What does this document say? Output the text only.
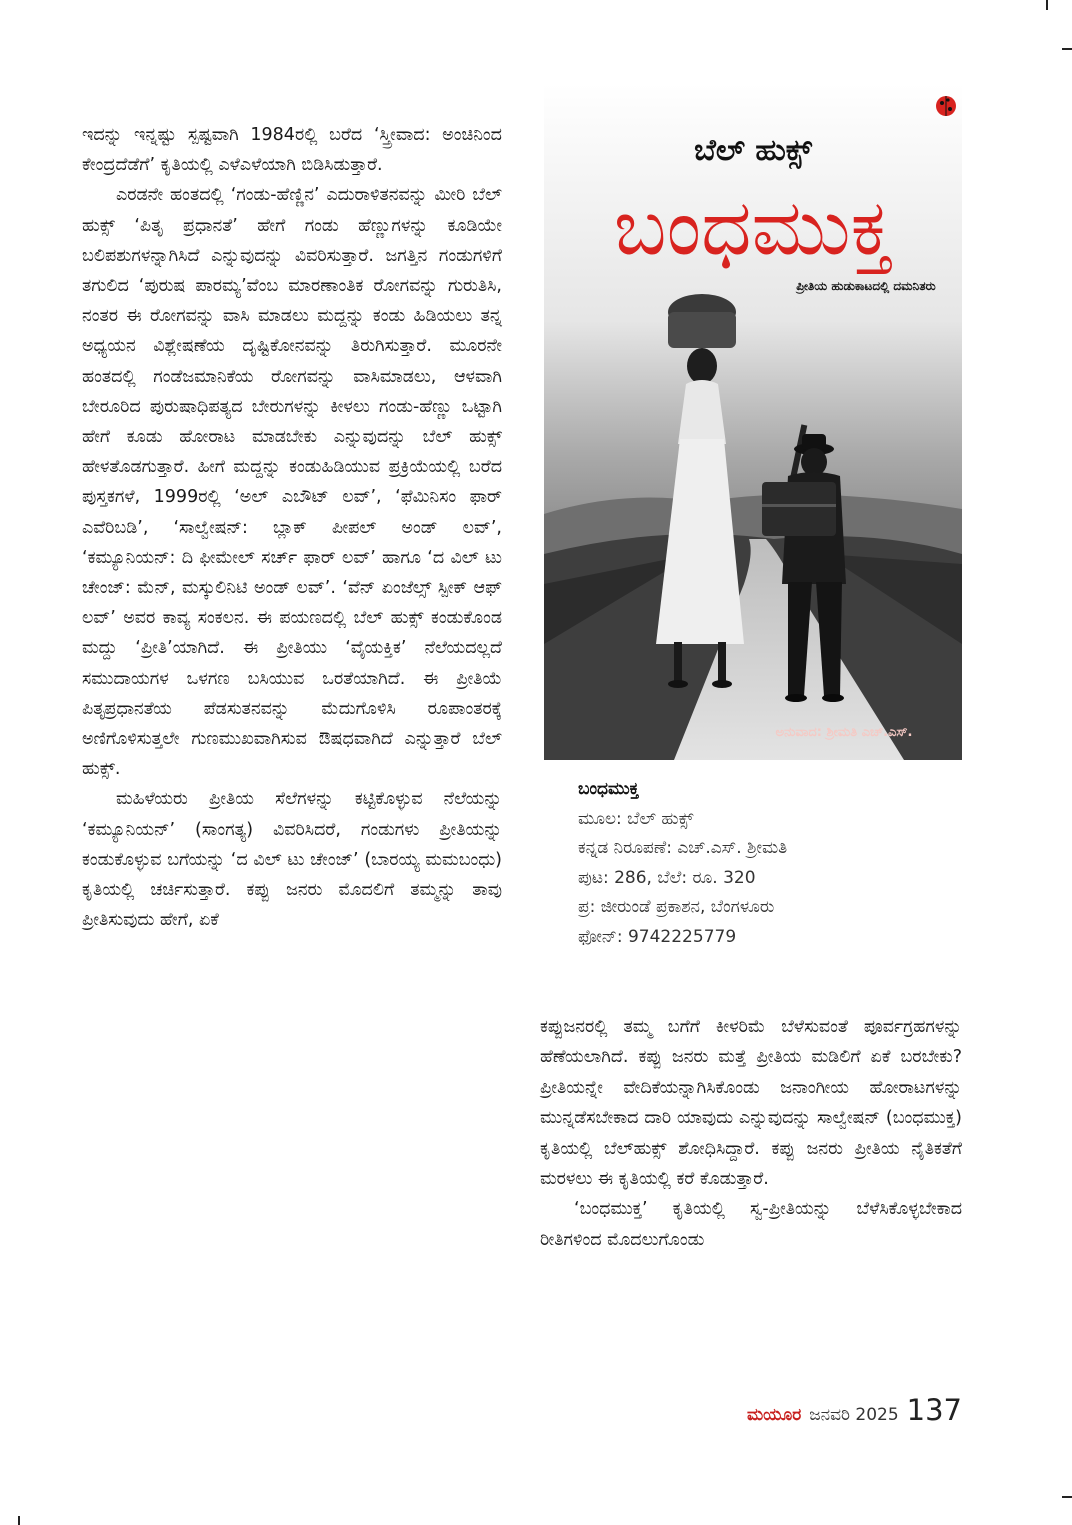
ಇದನ್ನು ಇನ್ನಷ್ಟು ಸ್ಪಷ್ಟವಾಗಿ 1984ರಲ್ಲಿ ಬರೆದ ‘ಸ್ತ್ರೀವಾದ: ಅಂಚಿನಿಂದ ಕೇಂದ್ರದೆಡೆಗೆ’ ಕೃತಿಯಲ್ಲಿ ಎಳೆಎಳೆಯಾಗಿ ಬಿಡಿಸಿಡುತ್ತಾರೆ.

ಎರಡನೇ ಹಂತದಲ್ಲಿ ‘ಗಂಡು-ಹೆಣ್ಣಿನ’ ಎದುರಾಳಿತನವನ್ನು ಮೀರಿ ಬೆಲ್ ಹುಕ್ಸ್ ‘ಪಿತೃ ಪ್ರಧಾನತೆ’ ಹೇಗೆ ಗಂಡು ಹೆಣ್ಣುಗಳನ್ನು ಕೂಡಿಯೇ ಬಲಿಪಶುಗಳನ್ನಾಗಿಸಿದೆ ಎನ್ನುವುದನ್ನು ವಿವರಿಸುತ್ತಾರೆ. ಜಗತ್ತಿನ ಗಂಡುಗಳಿಗೆ ತಗುಲಿದ ‘ಪುರುಷ ಪಾರಮ್ಯ’ವೆಂಬ ಮಾರಣಾಂತಿಕ ರೋಗವನ್ನು ಗುರುತಿಸಿ, ನಂತರ ಈ ರೋಗವನ್ನು ವಾಸಿ ಮಾಡಲು ಮದ್ದನ್ನು ಕಂಡು ಹಿಡಿಯಲು ತನ್ನ ಅಧ್ಯಯನ ವಿಶ್ಲೇಷಣೆಯ ದೃಷ್ಟಿಕೋನವನ್ನು ತಿರುಗಿಸುತ್ತಾರೆ. ಮೂರನೇ ಹಂತದಲ್ಲಿ ಗಂಡೆಜಮಾನಿಕೆಯ ರೋಗವನ್ನು ವಾಸಿಮಾಡಲು, ಆಳವಾಗಿ ಬೇರೂರಿದ ಪುರುಷಾಧಿಪತ್ಯದ ಬೇರುಗಳನ್ನು ಕೀಳಲು ಗಂಡು-ಹೆಣ್ಣು ಒಟ್ಟಾಗಿ ಹೇಗೆ ಕೂಡು ಹೋರಾಟ ಮಾಡಬೇಕು ಎನ್ನುವುದನ್ನು ಬೆಲ್ ಹುಕ್ಸ್ ಹೇಳತೊಡಗುತ್ತಾರೆ. ಹೀಗೆ ಮದ್ದನ್ನು ಕಂಡುಹಿಡಿಯುವ ಪ್ರಕ್ರಿಯೆಯಲ್ಲಿ ಬರೆದ ಪುಸ್ತಕಗಳೆ, 1999ರಲ್ಲಿ ‘ಅಲ್ ಎಬೌಟ್ ಲವ್’, ‘ಫೆಮಿನಿಸಂ ಫಾರ್ ಎವೆರಿಬಡಿ’, ‘ಸಾಲ್ವೇಷನ್: ಬ್ಲಾಕ್ ಪೀಪಲ್ ಅಂಡ್ ಲವ್’, ‘ಕಮ್ಯೂನಿಯನ್: ದಿ ಫೀಮೇಲ್ ಸರ್ಚ್ ಫಾರ್ ಲವ್’ ಹಾಗೂ ‘ದ ವಿಲ್ ಟು ಚೇಂಜ್: ಮೆನ್, ಮಸ್ಕುಲಿನಿಟಿ ಅಂಡ್ ಲವ್’. ‘ವೆನ್ ಏಂಜೆಲ್ಸ್ ಸ್ಪೀಕ್ ಆಫ್ ಲವ್’ ಅವರ ಕಾವ್ಯ ಸಂಕಲನ. ಈ ಪಯಣದಲ್ಲಿ ಬೆಲ್ ಹುಕ್ಸ್ ಕಂಡುಕೊಂಡ ಮದ್ದು ‘ಪ್ರೀತಿ’ಯಾಗಿದೆ. ಈ ಪ್ರೀತಿಯು ‘ವೈಯಕ್ತಿಕ’ ನೆಲೆಯದಲ್ಲದೆ ಸಮುದಾಯಗಳ ಒಳಗಣ ಬಸಿಯುವ ಒರತೆಯಾಗಿದೆ. ಈ ಪ್ರೀತಿಯೆ ಪಿತೃಪ್ರಧಾನತೆಯ ಪೆಡಸುತನವನ್ನು ಮೆದುಗೊಳಿಸಿ ರೂಪಾಂತರಕ್ಕೆ ಅಣಿಗೊಳಿಸುತ್ತಲೇ ಗುಣಮುಖವಾಗಿಸುವ ಔಷಧವಾಗಿದೆ ಎನ್ನುತ್ತಾರೆ ಬೆಲ್ ಹುಕ್ಸ್.

ಮಹಿಳೆಯರು ಪ್ರೀತಿಯ ಸೆಲೆಗಳನ್ನು ಕಟ್ಟಿಕೊಳ್ಳುವ ನೆಲೆಯನ್ನು ‘ಕಮ್ಯೂನಿಯನ್’ (ಸಾಂಗತ್ಯ) ವಿವರಿಸಿದರೆ, ಗಂಡುಗಳು ಪ್ರೀತಿಯನ್ನು ಕಂಡುಕೊಳ್ಳುವ ಬಗೆಯನ್ನು ‘ದ ವಿಲ್ ಟು ಚೇಂಜ್’ (ಬಾರಯ್ಯ ಮಮಬಂಧು) ಕೃತಿಯಲ್ಲಿ ಚರ್ಚಿಸುತ್ತಾರೆ. ಕಪ್ಪು ಜನರು ಮೊದಲಿಗೆ ತಮ್ಮನ್ನು ತಾವು ಪ್ರೀತಿಸುವುದು ಹೇಗೆ, ಏಕೆ

ಬೆಲ್ ಹುಕ್ಸ್
ಬಂಧಮುಕ್ತ
ಪ್ರೀತಿಯ ಹುಡುಕಾಟದಲ್ಲಿ ದಮನಿತರು
ಅನುವಾದ: ಶ್ರೀಮತಿ ಎಚ್.ಎಸ್.
ಬಂಧಮುಕ್ತ
ಮೂಲ: ಬೆಲ್ ಹುಕ್ಸ್
ಕನ್ನಡ ನಿರೂಪಣೆ: ಎಚ್.ಎಸ್. ಶ್ರೀಮತಿ
ಪುಟ: 286, ಬೆಲೆ: ರೂ. 320
ಪ್ರ: ಜೀರುಂಡೆ ಪ್ರಕಾಶನ, ಬೆಂಗಳೂರು
ಫೋನ್: 9742225779

ಕಪ್ಪುಜನರಲ್ಲಿ ತಮ್ಮ ಬಗೆಗೆ ಕೀಳರಿಮೆ ಬೆಳೆಸುವಂತೆ ಪೂರ್ವಗ್ರಹಗಳನ್ನು ಹೆಣೆಯಲಾಗಿದೆ. ಕಪ್ಪು ಜನರು ಮತ್ತೆ ಪ್ರೀತಿಯ ಮಡಿಲಿಗೆ ಏಕೆ ಬರಬೇಕು? ಪ್ರೀತಿಯನ್ನೇ ವೇದಿಕೆಯನ್ನಾಗಿಸಿಕೊಂಡು ಜನಾಂಗೀಯ ಹೋರಾಟಗಳನ್ನು ಮುನ್ನಡೆಸಬೇಕಾದ ದಾರಿ ಯಾವುದು ಎನ್ನುವುದನ್ನು ಸಾಲ್ವೇಷನ್ (ಬಂಧಮುಕ್ತ) ಕೃತಿಯಲ್ಲಿ ಬೆಲ್‌ಹುಕ್ಸ್ ಶೋಧಿಸಿದ್ದಾರೆ. ಕಪ್ಪು ಜನರು ಪ್ರೀತಿಯ ನೈತಿಕತೆಗೆ ಮರಳಲು ಈ ಕೃತಿಯಲ್ಲಿ ಕರೆ ಕೊಡುತ್ತಾರೆ.

‘ಬಂಧಮುಕ್ತ’ ಕೃತಿಯಲ್ಲಿ ಸ್ವ-ಪ್ರೀತಿಯನ್ನು ಬೆಳೆಸಿಕೊಳ್ಳಬೇಕಾದ ರೀತಿಗಳಿಂದ ಮೊದಲುಗೊಂಡು

ಮಯೂರ ಜನವರಿ 2025 137
